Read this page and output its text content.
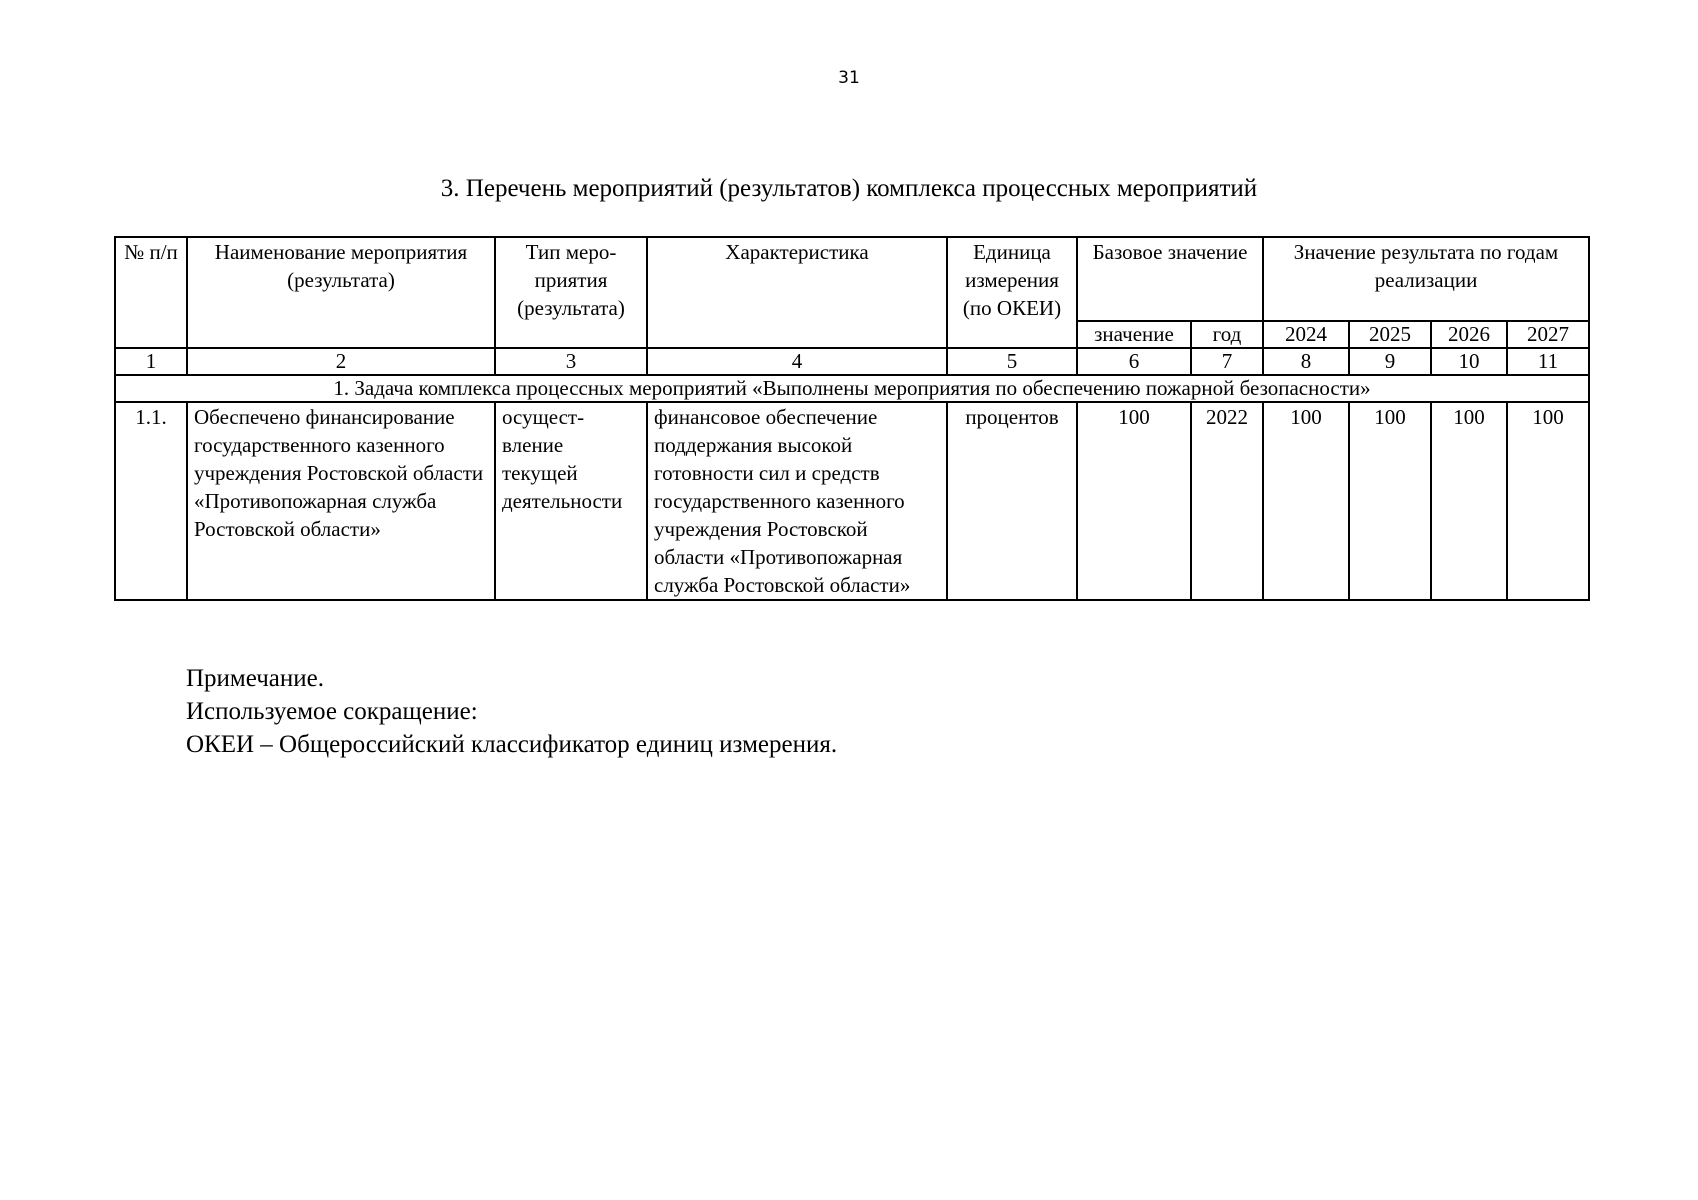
31
3. Перечень мероприятий (результатов) комплекса процессных мероприятий
№ п/п	Наименование мероприятия (результата)	Тип меро-приятия (результата)	Характеристика	Единица измерения (по ОКЕИ)	Базовое значение		Значение результата по годам реализации			
					значение	год	2024	2025	2026	2027
1	2	3	4	5	6	7	8	9	10	11
1. Задача комплекса процессных мероприятий «Выполнены мероприятия по обеспечению пожарной безопасности»										
1.1.	Обеспечено финансирование государственного казенного учреждения Ростовской области «Противопожарная служба Ростовской области»	осущест-вление текущей деятельности	финансовое обеспечение поддержания высокой готовности сил и средств государственного казенного учреждения Ростовской области «Противопожарная служба Ростовской области»	процентов	100	2022	100	100	100	100
Примечание.
Используемое сокращение:
ОКЕИ – Общероссийский классификатор единиц измерения.
